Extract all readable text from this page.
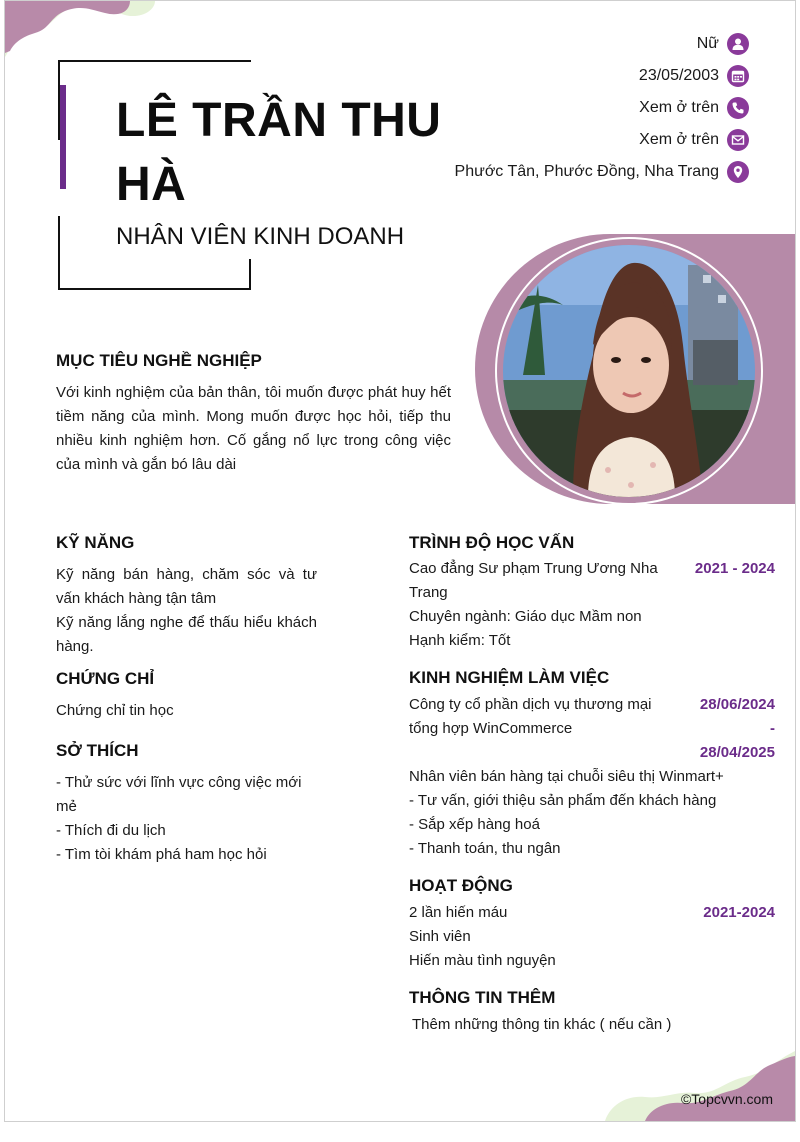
LÊ TRẦN THU HÀ
NHÂN VIÊN KINH DOANH
Nữ
23/05/2003
Xem ở trên
Xem ở trên
Phước Tân, Phước Đồng, Nha Trang
MỤC TIÊU NGHỀ NGHIỆP
Với kinh nghiệm của bản thân, tôi muốn được phát huy hết tiềm năng của mình. Mong muốn được học hỏi, tiếp thu nhiều kinh nghiệm hơn. Cố gắng nổ lực trong công việc của mình và gắn bó lâu dài
KỸ NĂNG
Kỹ năng bán hàng, chăm sóc và tư vấn khách hàng tận tâm
Kỹ năng lắng nghe để thấu hiểu khách hàng.
CHỨNG CHỈ
Chứng chỉ tin học
SỞ THÍCH
- Thử sức với lĩnh vực công việc mới mẻ
- Thích đi du lịch
- Tìm tòi khám phá ham học hỏi
TRÌNH ĐỘ HỌC VẤN
Cao đẳng Sư phạm Trung Ương Nha Trang
2021 - 2024
Chuyên ngành: Giáo dục Mầm non
Hạnh kiểm: Tốt
KINH NGHIỆM LÀM VIỆC
Công ty cổ phần dịch vụ thương mại tổng hợp WinCommerce
28/06/2024
-
28/04/2025
Nhân viên bán hàng tại chuỗi siêu thị Winmart+
- Tư vấn, giới thiệu sản phẩm đến khách hàng
- Sắp xếp hàng hoá
- Thanh toán, thu ngân
HOẠT ĐỘNG
2 lần hiến máu	2021-2024
Sinh viên
Hiến màu tình nguyện
THÔNG TIN THÊM
Thêm những thông tin khác ( nếu cần )
©Topcvvn.com
